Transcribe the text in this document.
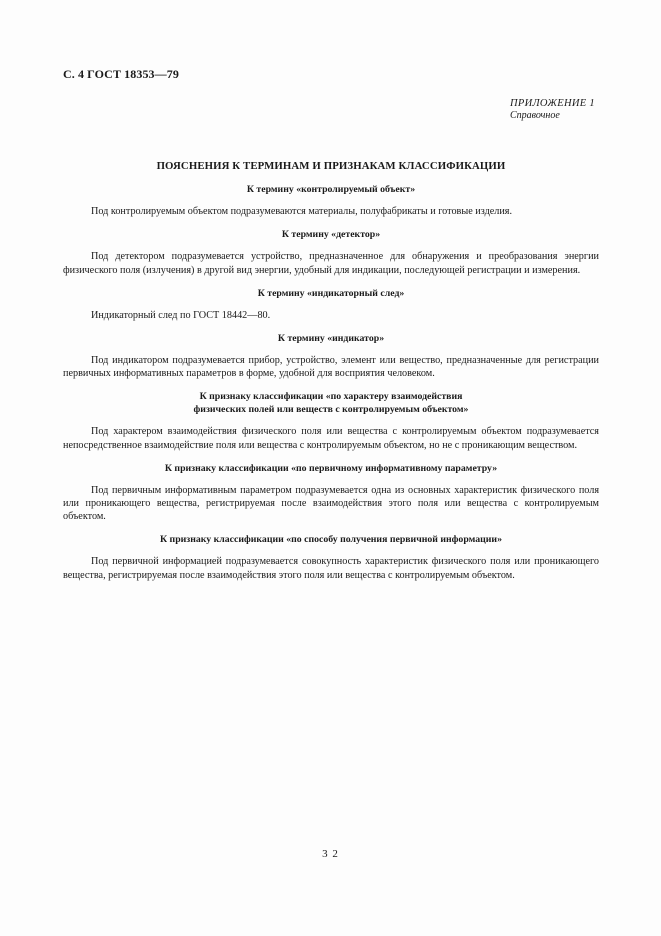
С. 4 ГОСТ 18353—79
ПРИЛОЖЕНИЕ 1
Справочное
ПОЯСНЕНИЯ К ТЕРМИНАМ И ПРИЗНАКАМ КЛАССИФИКАЦИИ
К термину «контролируемый объект»

Под контролируемым объектом подразумеваются материалы, полуфабрикаты и готовые изделия.

К термину «детектор»

Под детектором подразумевается устройство, предназначенное для обнаружения и преобразования энергии физического поля (излучения) в другой вид энергии, удобный для индикации, последующей регистрации и измерения.

К термину «индикаторный след»

Индикаторный след по ГОСТ 18442—80.

К термину «индикатор»

Под индикатором подразумевается прибор, устройство, элемент или вещество, предназначенные для регистрации первичных информативных параметров в форме, удобной для восприятия человеком.

К признаку классификации «по характеру взаимодействия
физических полей или веществ с контролируемым объектом»

Под характером взаимодействия физического поля или вещества с контролируемым объектом подразумевается непосредственное взаимодействие поля или вещества с контролируемым объектом, но не с проникающим веществом.

К признаку классификации «по первичному информативному параметру»

Под первичным информативным параметром подразумевается одна из основных характеристик физического поля или проникающего вещества, регистрируемая после взаимодействия этого поля или вещества с контролируемым объектом.

К признаку классификации «по способу получения первичной информации»

Под первичной информацией подразумевается совокупность характеристик физического поля или проникающего вещества, регистрируемая после взаимодействия этого поля или вещества с контролируемым объектом.

3 2
